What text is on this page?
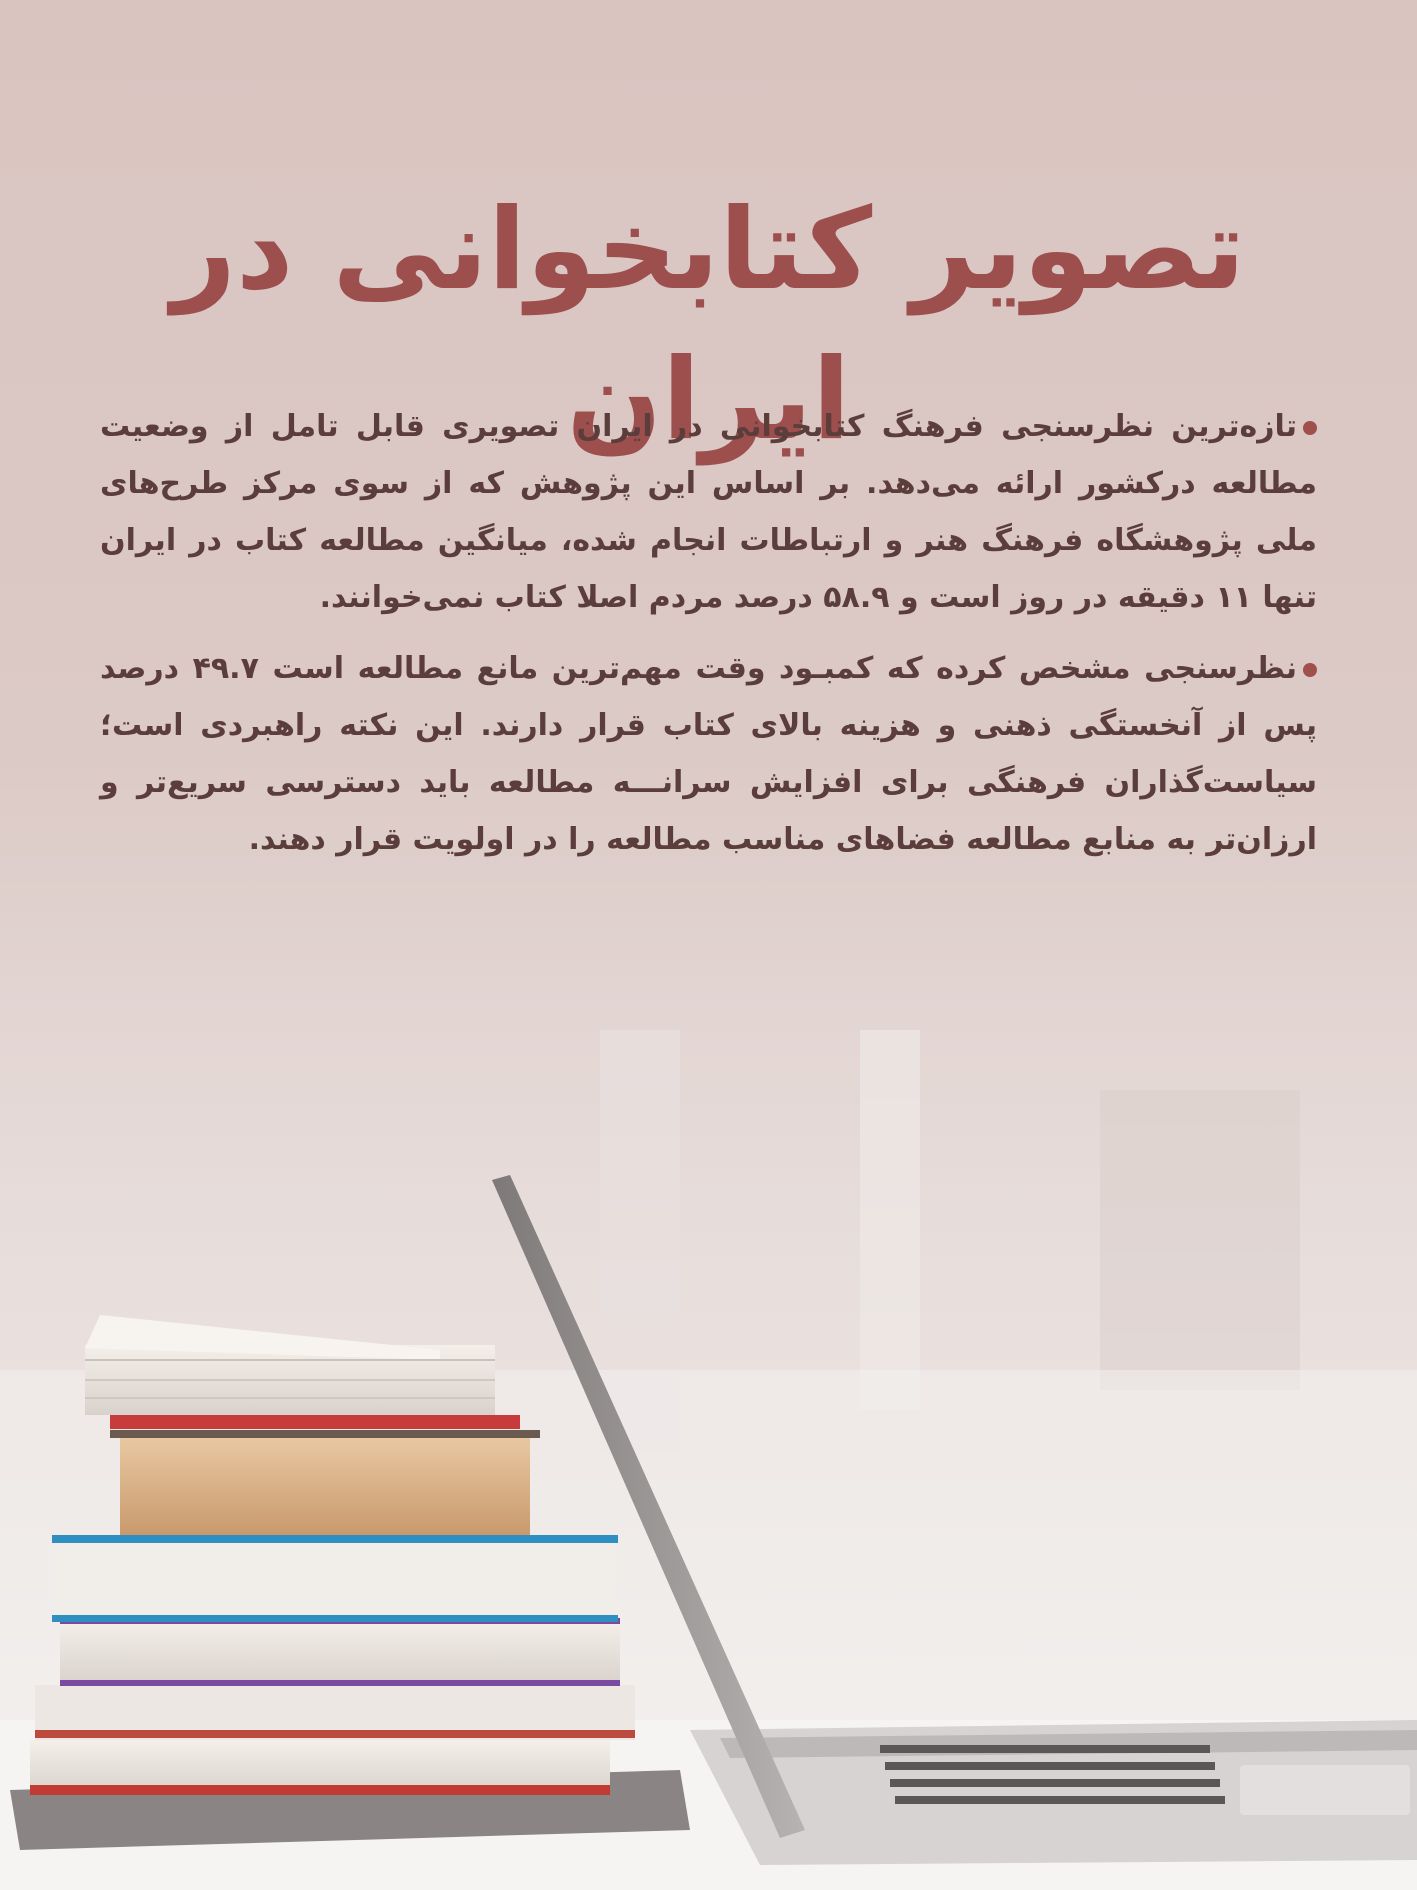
تصویر کتابخوانی در ایران
تازه‌ترین نظرسنجی فرهنگ کتابخوانی در ایران تصویری قابل تامل از وضعیت مطالعه درکشور ارائه می‌دهد. بر اساس این پژوهش که از سوی مرکز طرح‌های ملی پژوهشگاه فرهنگ هنر و ارتباطات انجام شده، میانگین مطالعه کتاب در ایران تنها ۱۱ دقیقه در روز است و ۵۸.۹ درصد مردم اصلا کتاب نمی‌خوانند.
نظرسنجی مشخص کرده که کمبـود وقت مهم‌ترین مانع مطالعه است ۴۹.۷ درصد پس از آنخستگی ذهنی و هزینه بالای کتاب قرار دارند. این نکته راهبردی است؛ سیاست‌گذاران فرهنگی برای افزایش سرانـــه مطالعه باید دسترسی سریع‌تر و ارزان‌تر به منابع مطالعه فضاهای مناسب مطالعه را در اولویت قرار دهند.
